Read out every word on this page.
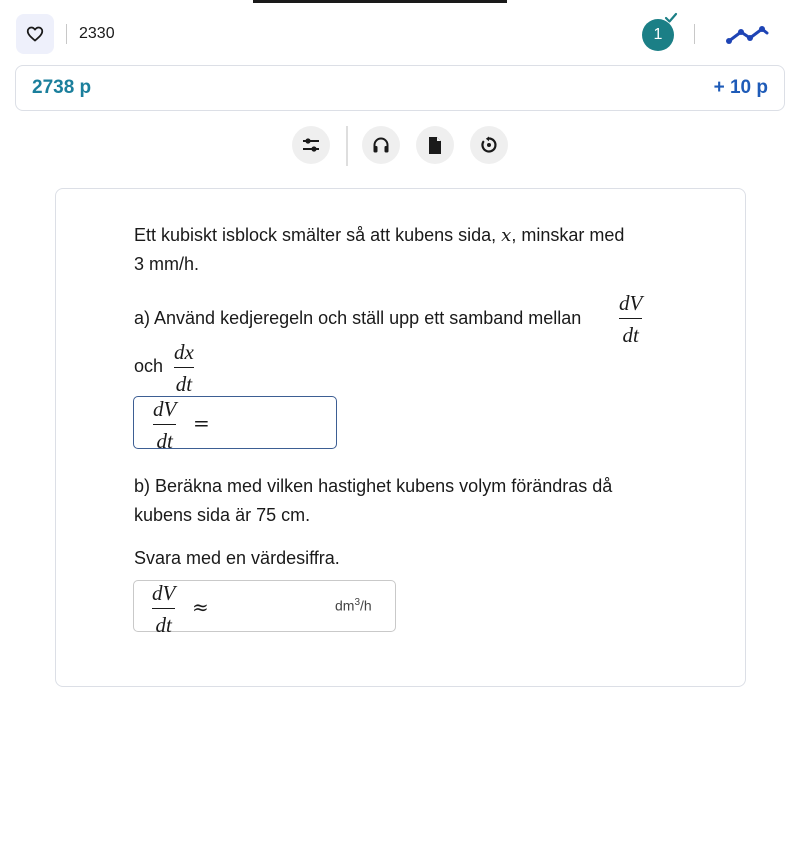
2330	1
2738 p	+ 10 p
Ett kubiskt isblock smälter så att kubens sida, x, minskar med
3 mm/h.
a) Använd kedjeregeln och ställ upp ett samband mellan
dV
dt
och
dx
dt
dV
dt
=
b) Beräkna med vilken hastighet kubens volym förändras då
kubens sida är 75 cm.
Svara med en värdesiffra.
dV
dt
≈	$dm^3/h$
